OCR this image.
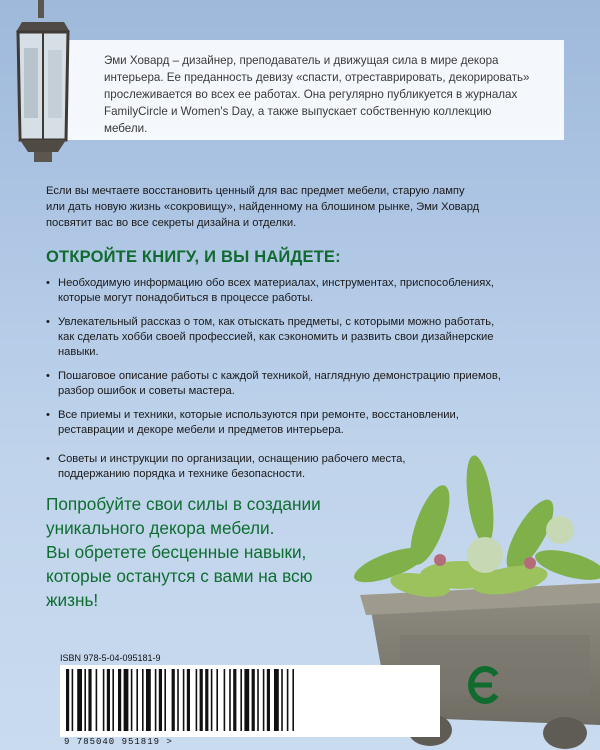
Эми Ховард – дизайнер, преподаватель и движущая сила в мире декора
интерьера. Ее преданность девизу «спасти, отреставрировать, декорировать»
прослеживается во всех ее работах. Она регулярно публикуется в журналах
FamilyCircle и Women's Day, а также выпускает собственную коллекцию мебели.
Если вы мечтаете восстановить ценный для вас предмет мебели, старую лампу
или дать новую жизнь «сокровищу», найденному на блошином рынке, Эми Ховард
посвятит вас во все секреты дизайна и отделки.
ОТКРОЙТЕ КНИГУ, И ВЫ НАЙДЕТЕ:
• Необходимую информацию обо всех материалах, инструментах, приспособлениях,
которые могут понадобиться в процессе работы.
• Увлекательный рассказ о том, как отыскать предметы, с которыми можно работать,
как сделать хобби своей профессией, как сэкономить и развить свои дизайнерские
навыки.
• Пошаговое описание работы с каждой техникой, наглядную демонстрацию приемов,
разбор ошибок и советы мастера.
• Все приемы и техники, которые используются при ремонте, восстановлении,
реставрации и декоре мебели и предметов интерьера.
• Советы и инструкции по организации, оснащению рабочего места,
поддержанию порядка и технике безопасности.
Попробуйте свои силы в создании
уникального декора мебели.
Вы обретете бесценные навыки,
которые останутся с вами на всю
жизнь!
ISBN 978-5-04-095181-9
9 785040 951819 >
